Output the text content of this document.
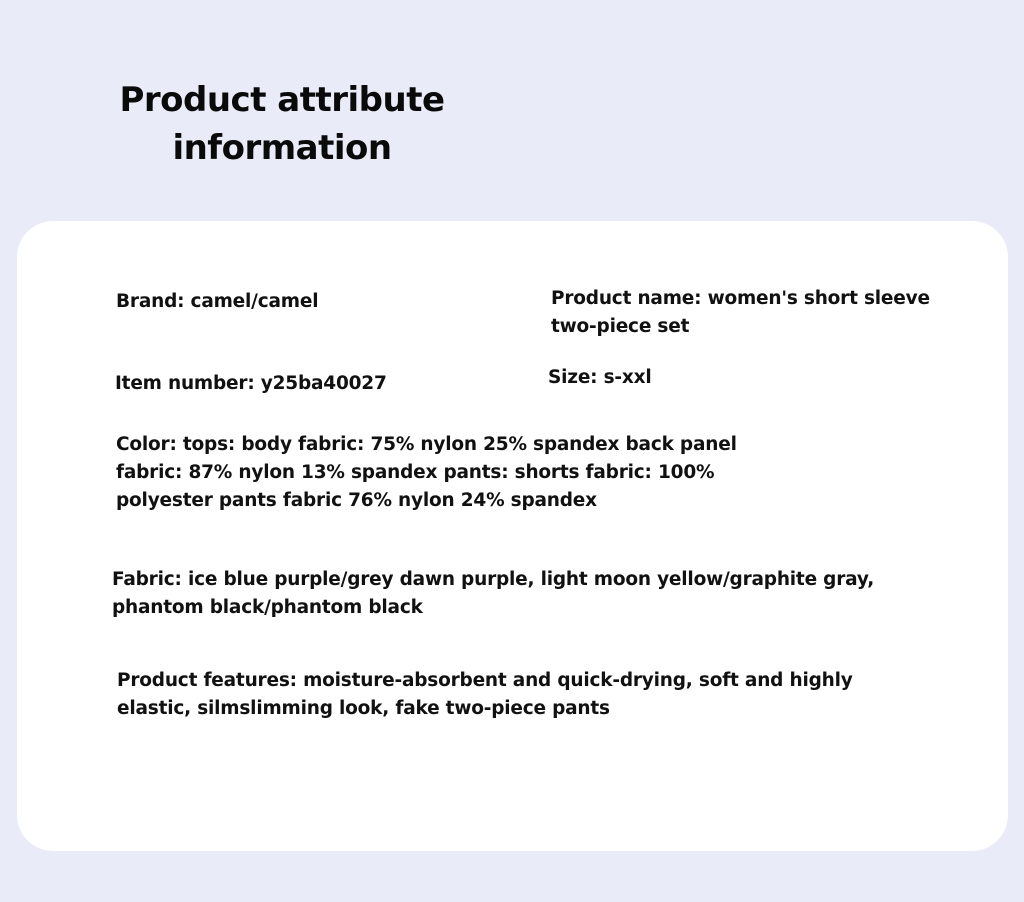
Product attribute information

Brand: camel/camel	Product name: women's short sleeve two-piece set

Item number: y25ba40027	Size: s-xxl

Color: tops: body fabric: 75% nylon 25% spandex back panel fabric: 87% nylon 13% spandex pants: shorts fabric: 100% polyester pants fabric 76% nylon 24% spandex

Fabric: ice blue purple/grey dawn purple, light moon yellow/graphite gray, phantom black/phantom black

Product features: moisture-absorbent and quick-drying, soft and highly elastic, silmslimming look, fake two-piece pants
